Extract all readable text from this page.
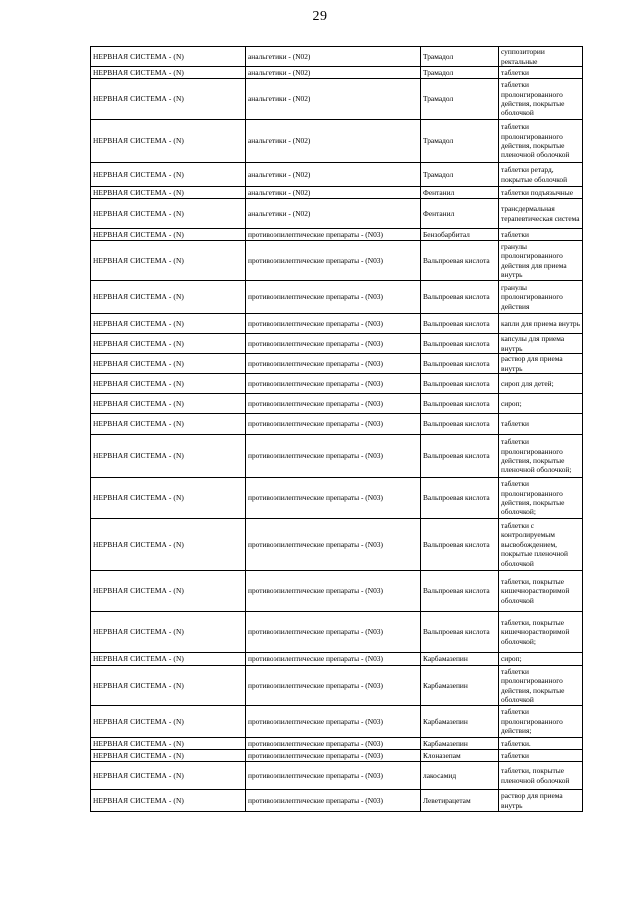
29
НЕРВНАЯ СИСТЕМА - (N)	анальгетики - (N02)	Трамадол	суппозитории ректальные
НЕРВНАЯ СИСТЕМА - (N)	анальгетики - (N02)	Трамадол	таблетки
НЕРВНАЯ СИСТЕМА - (N)	анальгетики - (N02)	Трамадол	таблетки пролонгированного действия, покрытые оболочкой
НЕРВНАЯ СИСТЕМА - (N)	анальгетики - (N02)	Трамадол	таблетки пролонгированного действия, покрытые пленочной оболочкой
НЕРВНАЯ СИСТЕМА - (N)	анальгетики - (N02)	Трамадол	таблетки ретард, покрытые оболочкой
НЕРВНАЯ СИСТЕМА - (N)	анальгетики - (N02)	Фентанил	таблетки подъязычные
НЕРВНАЯ СИСТЕМА - (N)	анальгетики - (N02)	Фентанил	трансдермальная терапевтическая система
НЕРВНАЯ СИСТЕМА - (N)	противоэпилептические препараты - (N03)	Бензобарбитал	таблетки
НЕРВНАЯ СИСТЕМА - (N)	противоэпилептические препараты - (N03)	Вальпроевая кислота	гранулы пролонгированного действия для приема внутрь
НЕРВНАЯ СИСТЕМА - (N)	противоэпилептические препараты - (N03)	Вальпроевая кислота	гранулы пролонгированного действия
НЕРВНАЯ СИСТЕМА - (N)	противоэпилептические препараты - (N03)	Вальпроевая кислота	капли для приема внутрь
НЕРВНАЯ СИСТЕМА - (N)	противоэпилептические препараты - (N03)	Вальпроевая кислота	капсулы для приема внутрь
НЕРВНАЯ СИСТЕМА - (N)	противоэпилептические препараты - (N03)	Вальпроевая кислота	раствор для приема внутрь
НЕРВНАЯ СИСТЕМА - (N)	противоэпилептические препараты - (N03)	Вальпроевая кислота	сироп для детей;
НЕРВНАЯ СИСТЕМА - (N)	противоэпилептические препараты - (N03)	Вальпроевая кислота	сироп;
НЕРВНАЯ СИСТЕМА - (N)	противоэпилептические препараты - (N03)	Вальпроевая кислота	таблетки
НЕРВНАЯ СИСТЕМА - (N)	противоэпилептические препараты - (N03)	Вальпроевая кислота	таблетки пролонгированного действия, покрытые пленочной оболочкой;
НЕРВНАЯ СИСТЕМА - (N)	противоэпилептические препараты - (N03)	Вальпроевая кислота	таблетки пролонгированного действия, покрытые оболочкой;
НЕРВНАЯ СИСТЕМА - (N)	противоэпилептические препараты - (N03)	Вальпроевая кислота	таблетки с контролируемым высвобождением, покрытые пленочной оболочкой
НЕРВНАЯ СИСТЕМА - (N)	противоэпилептические препараты - (N03)	Вальпроевая кислота	таблетки, покрытые кишечнорастворимой оболочкой
НЕРВНАЯ СИСТЕМА - (N)	противоэпилептические препараты - (N03)	Вальпроевая кислота	таблетки, покрытые кишечнорастворимой оболочкой;
НЕРВНАЯ СИСТЕМА - (N)	противоэпилептические препараты - (N03)	Карбамазепин	сироп;
НЕРВНАЯ СИСТЕМА - (N)	противоэпилептические препараты - (N03)	Карбамазепин	таблетки пролонгированного действия, покрытые оболочкой
НЕРВНАЯ СИСТЕМА - (N)	противоэпилептические препараты - (N03)	Карбамазепин	таблетки пролонгированного действия;
НЕРВНАЯ СИСТЕМА - (N)	противоэпилептические препараты - (N03)	Карбамазепин	таблетки.
НЕРВНАЯ СИСТЕМА - (N)	противоэпилептические препараты - (N03)	Клоназепам	таблетки
НЕРВНАЯ СИСТЕМА - (N)	противоэпилептические препараты - (N03)	лакосамид	таблетки, покрытые пленочной оболочкой
НЕРВНАЯ СИСТЕМА - (N)	противоэпилептические препараты - (N03)	Леветирацетам	раствор для приема внутрь
